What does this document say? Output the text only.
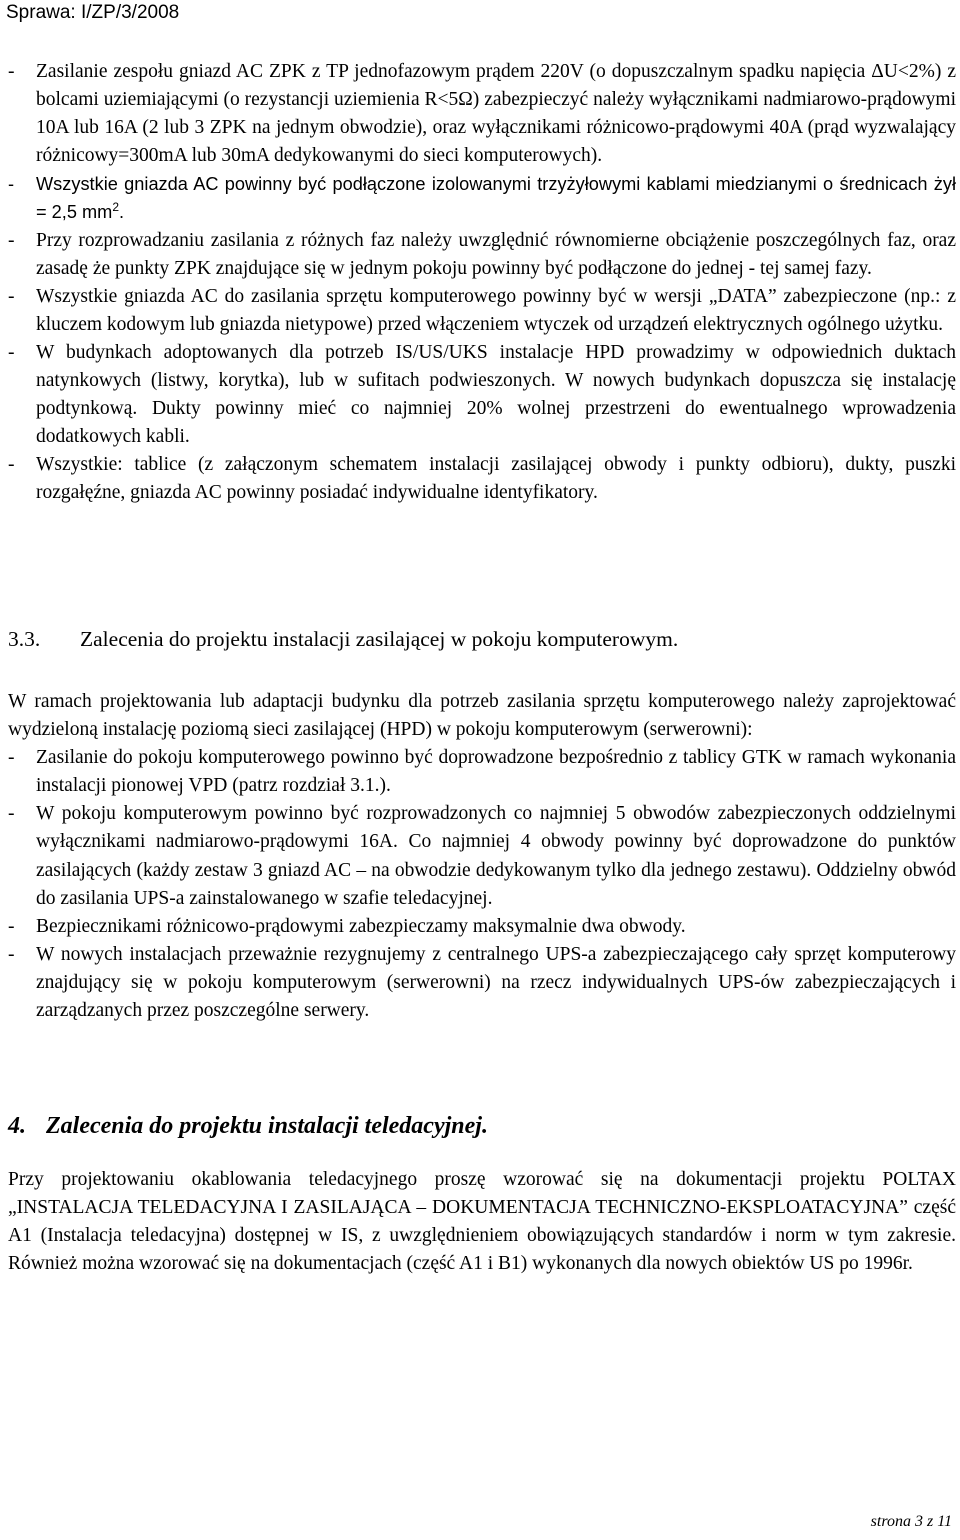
Sprawa: I/ZP/3/2008
- Zasilanie zespołu gniazd AC ZPK z TP jednofazowym prądem 220V (o dopuszczalnym spadku napięcia ΔU<2%) z bolcami uziemiającymi (o rezystancji uziemienia R<5Ω) zabezpieczyć należy wyłącznikami nadmiarowo-prądowymi 10A lub 16A (2 lub 3 ZPK na jednym obwodzie), oraz wyłącznikami różnicowo-prądowymi 40A (prąd wyzwalający różnicowy=300mA lub 30mA dedykowanymi do sieci komputerowych).
- Wszystkie gniazda AC powinny być podłączone izolowanymi trzyżyłowymi kablami miedzianymi o średnicach żył = 2,5 $mm^2$.
- Przy rozprowadzaniu zasilania z różnych faz należy uwzględnić równomierne obciążenie poszczególnych faz, oraz zasadę że punkty ZPK znajdujące się w jednym pokoju powinny być podłączone do jednej - tej samej fazy.
- Wszystkie gniazda AC do zasilania sprzętu komputerowego powinny być w wersji „DATA” zabezpieczone (np.: z kluczem kodowym lub gniazda nietypowe) przed włączeniem wtyczek od urządzeń elektrycznych ogólnego użytku.
- W budynkach adoptowanych dla potrzeb IS/US/UKS instalacje HPD prowadzimy w odpowiednich duktach natynkowych (listwy, korytka), lub w sufitach podwieszonych. W nowych budynkach dopuszcza się instalację podtynkową. Dukty powinny mieć co najmniej 20% wolnej przestrzeni do ewentualnego wprowadzenia dodatkowych kabli.
- Wszystkie: tablice (z załączonym schematem instalacji zasilającej obwody i punkty odbioru), dukty, puszki rozgałęźne, gniazda AC powinny posiadać indywidualne identyfikatory.
3.3. Zalecenia do projektu instalacji zasilającej w pokoju komputerowym.
W ramach projektowania lub adaptacji budynku dla potrzeb zasilania sprzętu komputerowego należy zaprojektować wydzieloną instalację poziomą sieci zasilającej (HPD) w pokoju komputerowym (serwerowni):
- Zasilanie do pokoju komputerowego powinno być doprowadzone bezpośrednio z tablicy GTK w ramach wykonania instalacji pionowej VPD (patrz rozdział 3.1.).
- W pokoju komputerowym powinno być rozprowadzonych co najmniej 5 obwodów zabezpieczonych oddzielnymi wyłącznikami nadmiarowo-prądowymi 16A. Co najmniej 4 obwody powinny być doprowadzone do punktów zasilających (każdy zestaw 3 gniazd AC – na obwodzie dedykowanym tylko dla jednego zestawu). Oddzielny obwód do zasilania UPS-a zainstalowanego w szafie teledacyjnej.
- Bezpiecznikami różnicowo-prądowymi zabezpieczamy maksymalnie dwa obwody.
- W nowych instalacjach przeważnie rezygnujemy z centralnego UPS-a zabezpieczającego cały sprzęt komputerowy znajdujący się w pokoju komputerowym (serwerowni) na rzecz indywidualnych UPS-ów zabezpieczających i zarządzanych przez poszczególne serwery.
4. Zalecenia do projektu instalacji teledacyjnej.
Przy projektowaniu okablowania teledacyjnego proszę wzorować się na dokumentacji projektu POLTAX „INSTALACJA TELEDACYJNA I ZASILAJĄCA – DOKUMENTACJA TECHNICZNO-EKSPLOATACYJNA” część A1 (Instalacja teledacyjna) dostępnej w IS, z uwzględnieniem obowiązujących standardów i norm w tym zakresie. Również można wzorować się na dokumentacjach (część A1 i B1) wykonanych dla nowych obiektów US po 1996r.
strona 3 z 11
